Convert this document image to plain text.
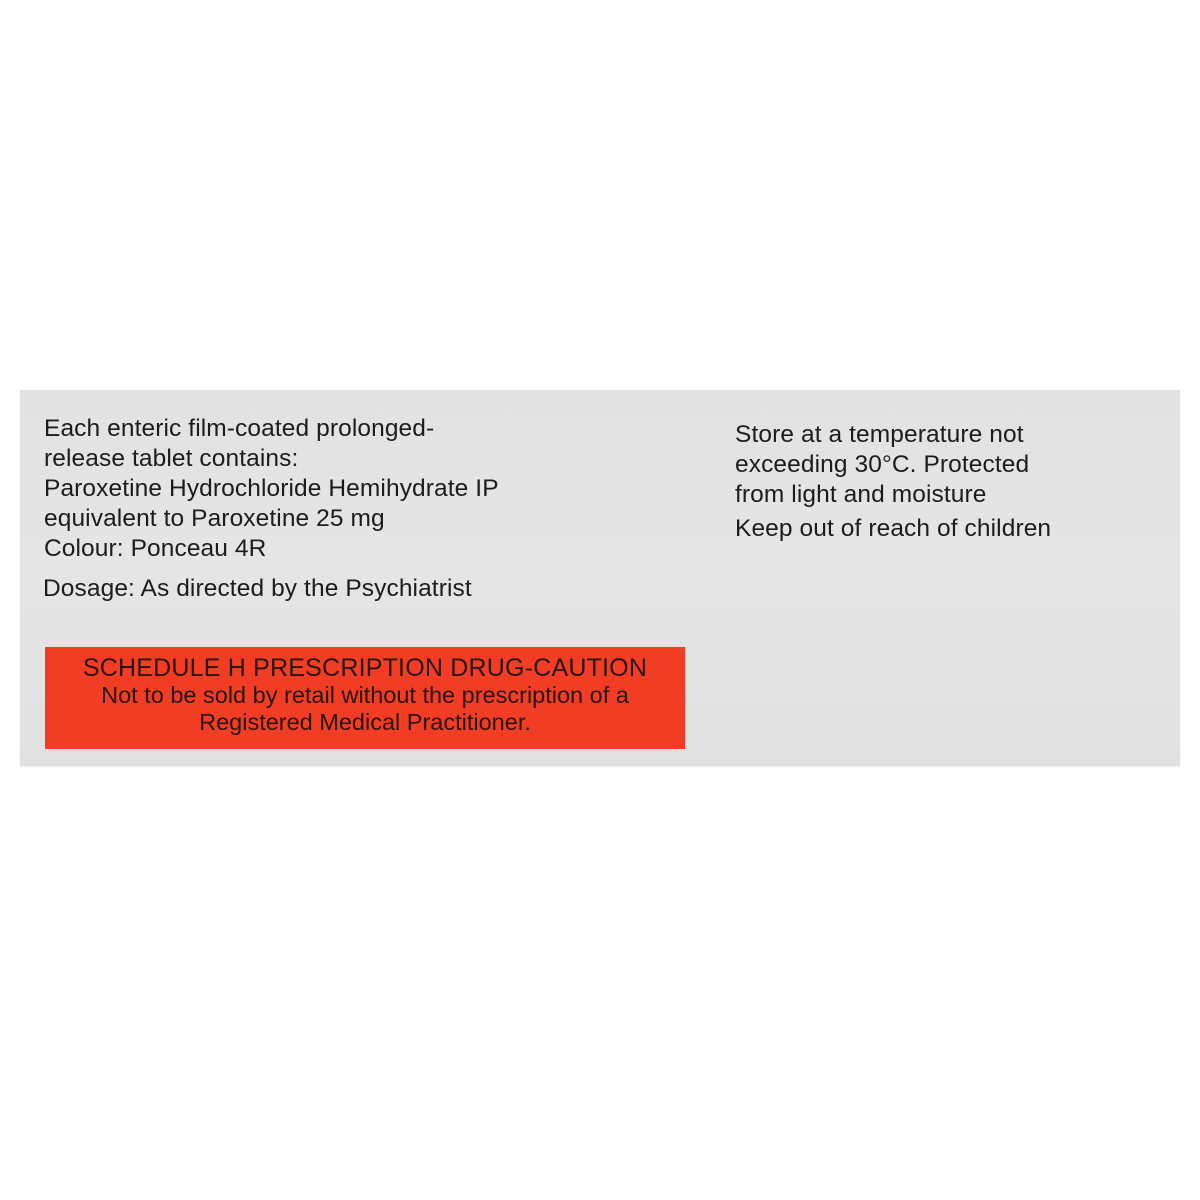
Each enteric film-coated prolonged-
release tablet contains:
Paroxetine Hydrochloride Hemihydrate IP
equivalent to Paroxetine 25 mg
Colour: Ponceau 4R
Dosage: As directed by the Psychiatrist
Store at a temperature not
exceeding 30°C. Protected
from light and moisture
Keep out of reach of children
SCHEDULE H PRESCRIPTION DRUG-CAUTION
Not to be sold by retail without the prescription of a
Registered Medical Practitioner.
